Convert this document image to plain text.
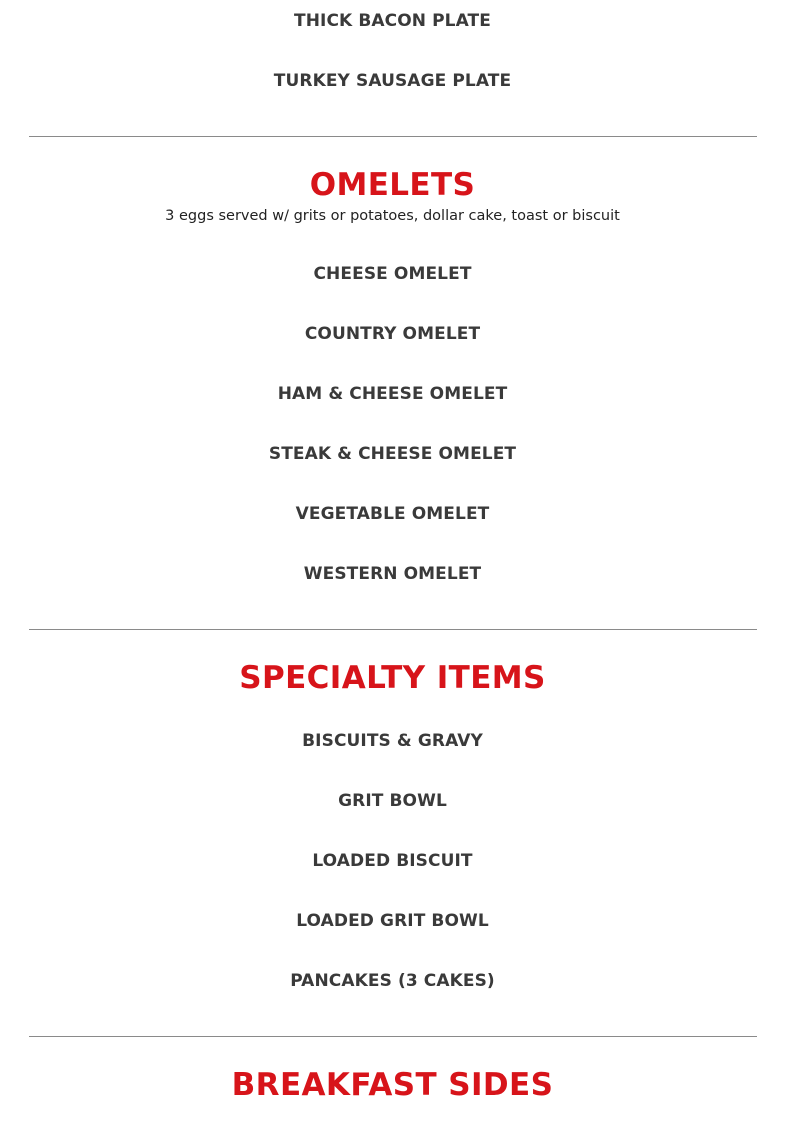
THICK BACON PLATE
TURKEY SAUSAGE PLATE
OMELETS
3 eggs served w/ grits or potatoes, dollar cake, toast or biscuit
CHEESE OMELET
COUNTRY OMELET
HAM & CHEESE OMELET
STEAK & CHEESE OMELET
VEGETABLE OMELET
WESTERN OMELET
SPECIALTY ITEMS
BISCUITS & GRAVY
GRIT BOWL
LOADED BISCUIT
LOADED GRIT BOWL
PANCAKES (3 CAKES)
BREAKFAST SIDES
